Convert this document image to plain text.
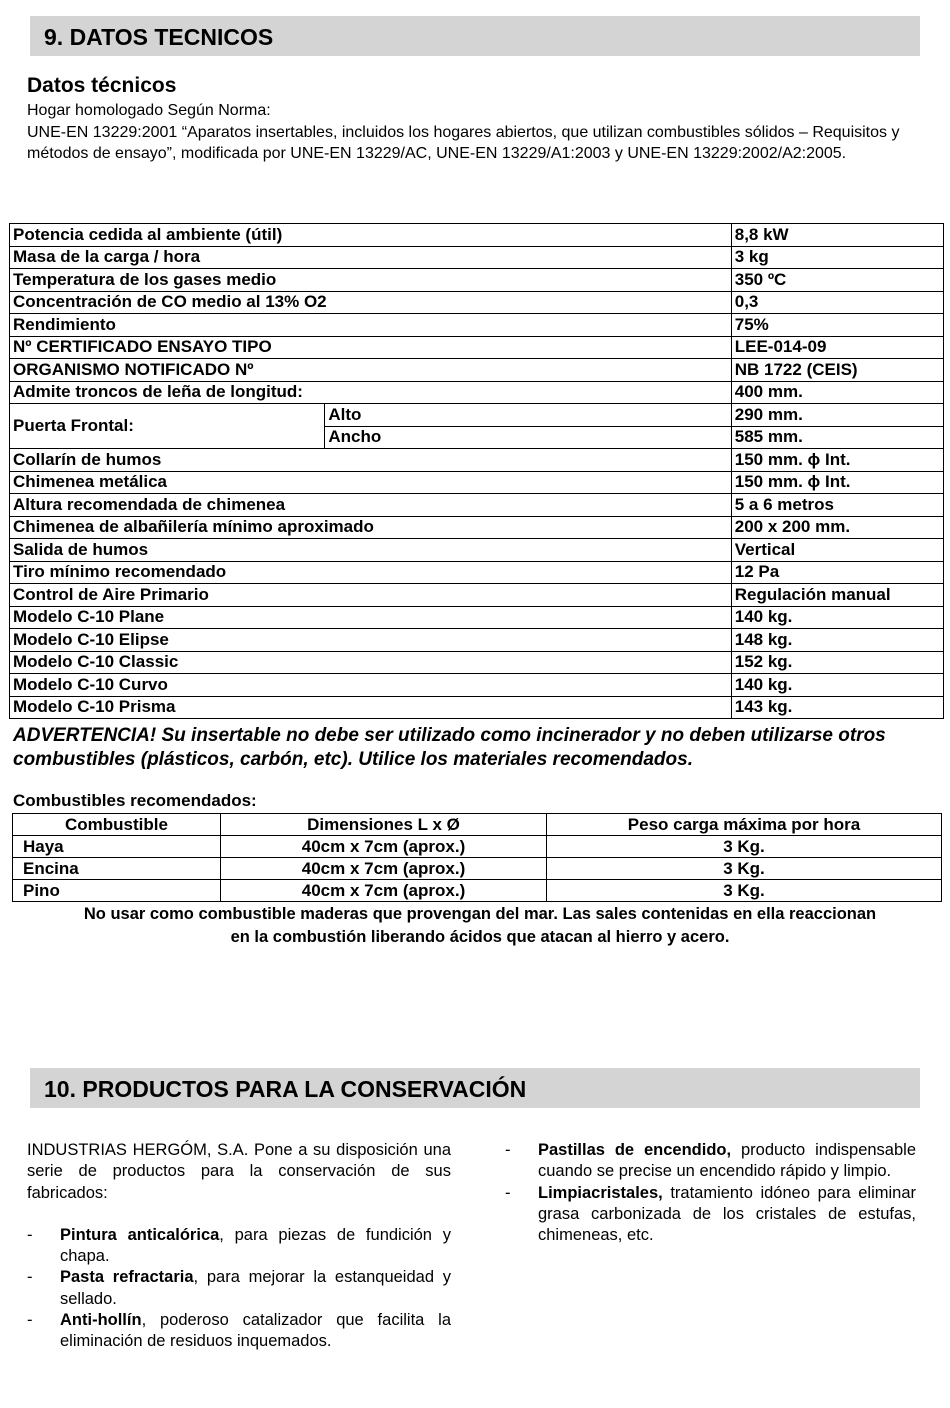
9. DATOS TECNICOS
Datos técnicos

Hogar homologado Según Norma:

UNE-EN 13229:2001 “Aparatos insertables, incluidos los hogares abiertos, que utilizan combustibles sólidos – Requisitos y métodos de ensayo”, modificada por UNE-EN 13229/AC, UNE-EN 13229/A1:2003 y UNE-EN 13229:2002/A2:2005.

Potencia cedida al ambiente (útil)		8,8 kW
Masa de la carga / hora		3 kg
Temperatura de los gases medio		350 ºC
Concentración de CO medio al 13% O2		0,3
Rendimiento		75%
Nº CERTIFICADO ENSAYO TIPO		LEE-014-09
ORGANISMO NOTIFICADO Nº		NB 1722 (CEIS)
Admite troncos de leña de longitud:		400 mm.
Puerta Frontal:	Alto	290 mm.
	Ancho	585 mm.
Collarín de humos		150 mm. ɸ Int.
Chimenea metálica		150 mm. ɸ Int.
Altura recomendada de chimenea		5 a 6 metros
Chimenea de albañilería mínimo aproximado		200 x 200 mm.
Salida de humos		Vertical
Tiro mínimo recomendado		12 Pa
Control de Aire Primario		Regulación manual
Modelo C-10 Plane		140 kg.
Modelo C-10 Elipse		148 kg.
Modelo C-10 Classic		152 kg.
Modelo C-10 Curvo		140 kg.
Modelo C-10 Prisma		143 kg.
ADVERTENCIA! Su insertable no debe ser utilizado como incinerador y no deben utilizarse otros
combustibles (plásticos, carbón, etc). Utilice los materiales recomendados.
Combustibles recomendados:
Combustible	Dimensiones L x Ø	Peso carga máxima por hora
Haya	40cm x 7cm (aprox.)	3 Kg.
Encina	40cm x 7cm (aprox.)	3 Kg.
Pino	40cm x 7cm (aprox.)	3 Kg.
No usar como combustible maderas que provengan del mar. Las sales contenidas en ella reaccionan
en la combustión liberando ácidos que atacan al hierro y acero.
10. PRODUCTOS PARA LA CONSERVACIÓN

INDUSTRIAS HERGÓM, S.A. Pone a su disposición una serie de productos para la conservación de sus fabricados:

- Pintura anticalórica, para piezas de fundición y chapa.
- Pasta refractaria, para mejorar la estanqueidad y sellado.
- Anti-hollín, poderoso catalizador que facilita la eliminación de residuos inquemados.
- Pastillas de encendido, producto indispensable cuando se precise un encendido rápido y limpio.
- Limpiacristales, tratamiento idóneo para eliminar grasa carbonizada de los cristales de estufas, chimeneas, etc.
